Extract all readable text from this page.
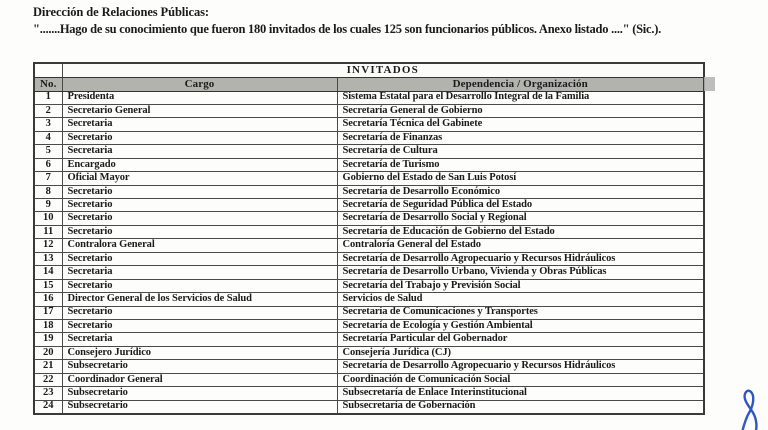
Dirección de Relaciones Públicas:
".......Hago de su conocimiento que fueron 180 invitados de los cuales 125 son funcionarios públicos. Anexo listado ...." (Sic.).
	INVITADOS	
No.	Cargo	Dependencia / Organización
1	Presidenta	Sistema Estatal para el Desarrollo Integral de la Familia
2	Secretario General	Secretaría General de Gobierno
3	Secretaria	Secretaría Técnica del Gabinete
4	Secretario	Secretaría de Finanzas
5	Secretaria	Secretaría de Cultura
6	Encargado	Secretaría de Turismo
7	Oficial Mayor	Gobierno del Estado de San Luis Potosí
8	Secretario	Secretaría de Desarrollo Económico
9	Secretario	Secretaría de Seguridad Pública del Estado
10	Secretario	Secretaría de Desarrollo Social y Regional
11	Secretario	Secretaría de Educación de Gobierno del Estado
12	Contralora General	Contraloría General del Estado
13	Secretario	Secretaría de Desarrollo Agropecuario y Recursos Hidráulicos
14	Secretaria	Secretaría de Desarrollo Urbano, Vivienda y Obras Públicas
15	Secretario	Secretaría del Trabajo y Previsión Social
16	Director General de los Servicios de Salud	Servicios de Salud
17	Secretario	Secretaría de Comunicaciones y Transportes
18	Secretario	Secretaría de Ecología y Gestión Ambiental
19	Secretaria	Secretaría Particular del Gobernador
20	Consejero Jurídico	Consejería Jurídica (CJ)
21	Subsecretario	Secretaría de Desarrollo Agropecuario y Recursos Hidráulicos
22	Coordinador General	Coordinación de Comunicación Social
23	Subsecretario	Subsecretaría de Enlace Interinstitucional
24	Subsecretario	Subsecretaría de Gobernación
